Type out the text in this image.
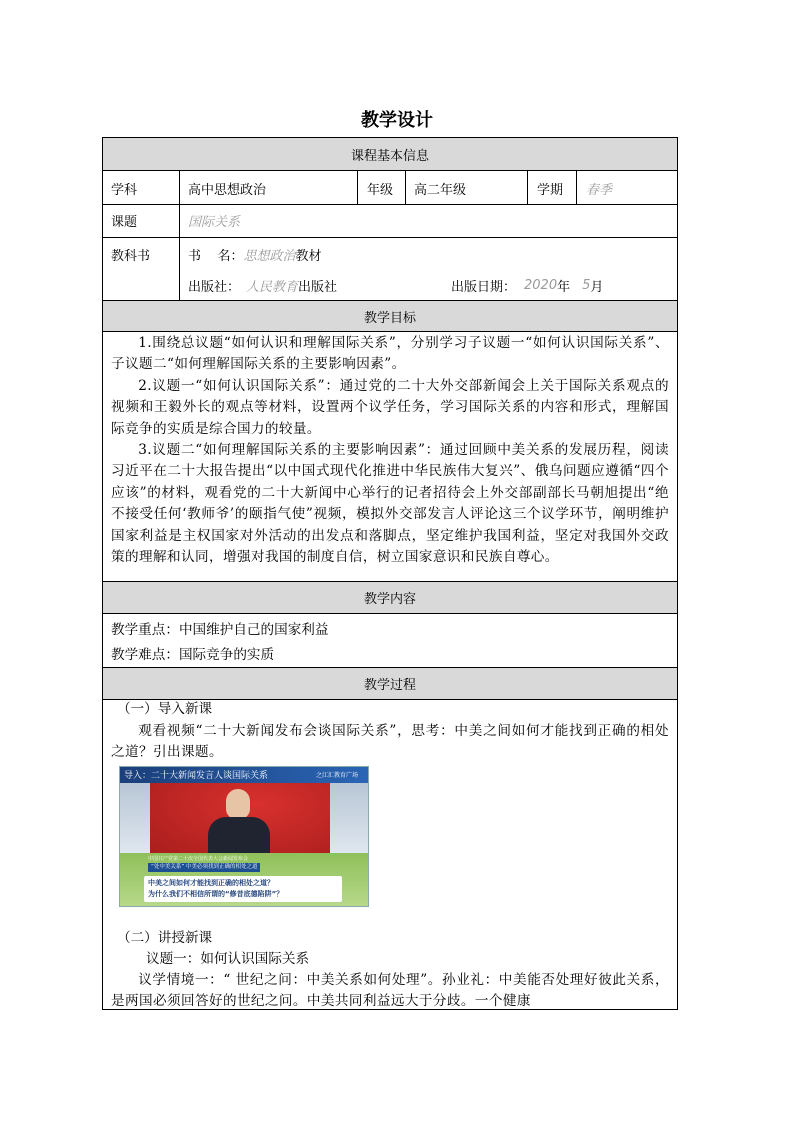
教学设计
课程基本信息
学科	高中思想政治	年级 高二年级	学期 春季
课题	国际关系
教科书	书    名： 思想政治 教材
出版社： 人民教育 出版社	出版日期： 2020 年 5 月
教学目标

1.围绕总议题“如何认识和理解国际关系”，分别学习子议题一“如何认识国际关系”、子议题二“如何理解国际关系的主要影响因素”。

2.议题一“如何认识国际关系”：通过党的二十大外交部新闻会上关于国际关系观点的视频和王毅外长的观点等材料，设置两个议学任务，学习国际关系的内容和形式，理解国际竞争的实质是综合国力的较量。

3.议题二“如何理解国际关系的主要影响因素”：通过回顾中美关系的发展历程，阅读习近平在二十大报告提出“以中国式现代化推进中华民族伟大复兴”、俄乌问题应遵循“四个应该”的材料，观看党的二十大新闻中心举行的记者招待会上外交部副部长马朝旭提出“绝不接受任何‘教师爷’的颐指气使”视频，模拟外交部发言人评论这三个议学环节，阐明维护国家利益是主权国家对外活动的出发点和落脚点，坚定维护我国利益，坚定对我国外交政策的理解和认同，增强对我国的制度自信，树立国家意识和民族自尊心。

教学内容
教学重点：中国维护自己的国家利益
教学难点：国际竞争的实质
教学过程
（一）导入新课

观看视频“二十大新闻发布会谈国际关系”，思考：中美之间如何才能找到正确的相处之道？引出课题。

导入：二十大新闻发言人谈国际关系	之江汇教育广场
中国共产党第二十次全国代表大会新闻发布会
“处中美关系” 中美必须找到正确的相处之道
中美之间如何才能找到正确的相处之道？
为什么我们不相信所谓的“修昔底德陷阱”？
（二）讲授新课
议题一：如何认识国际关系

议学情境一：“ 世纪之问：中美关系如何处理”。孙业礼：中美能否处理好彼此关系，是两国必须回答好的世纪之问。中美共同利益远大于分歧。一个健康
